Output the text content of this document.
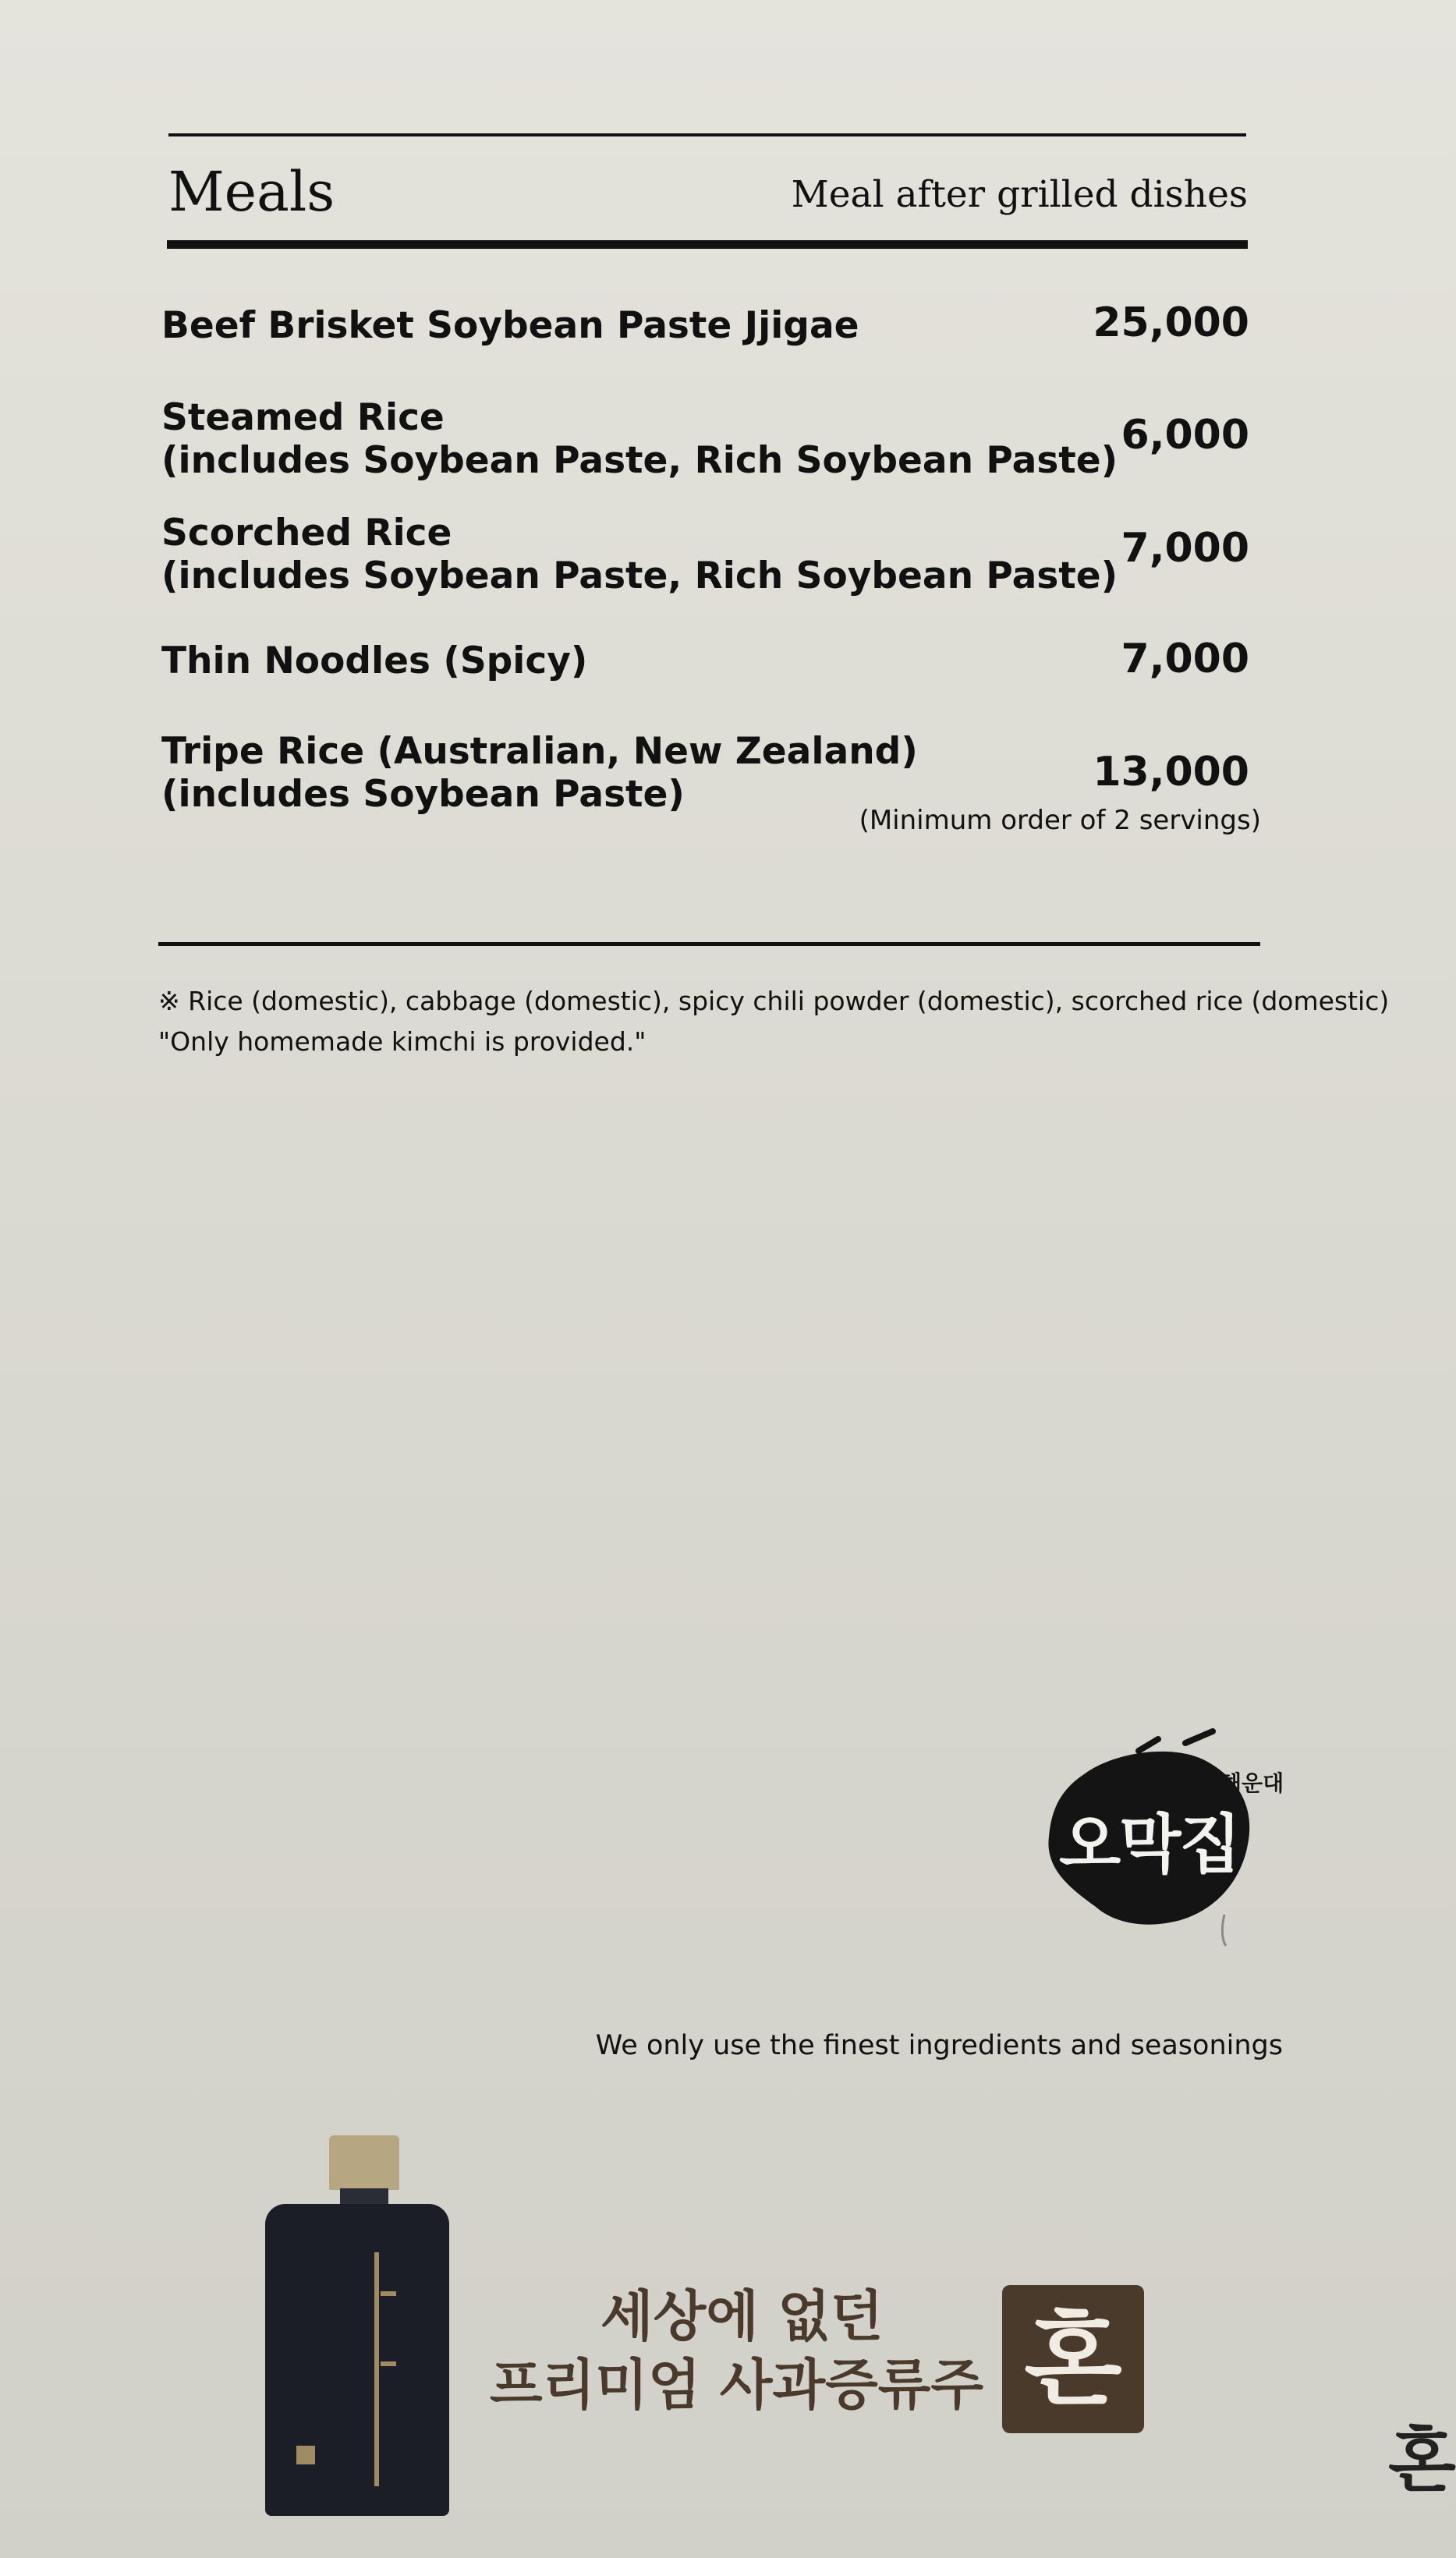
Meals	Meal after grilled dishes
Beef Brisket Soybean Paste Jjigae	25,000
Steamed Rice
(includes Soybean Paste, Rich Soybean Paste)
6,000
Scorched Rice
(includes Soybean Paste, Rich Soybean Paste)
7,000
Thin Noodles (Spicy)	7,000
Tripe Rice (Australian, New Zealand)
(includes Soybean Paste)	13,000
(Minimum order of 2 servings)
※ Rice (domestic), cabbage (domestic), spicy chili powder (domestic), scorched rice (domestic)
"Only homemade kimchi is provided."
해운대
오막집
We only use the finest ingredients and seasonings
세상에 없던
프리미엄 사과증류주 혼
혼
